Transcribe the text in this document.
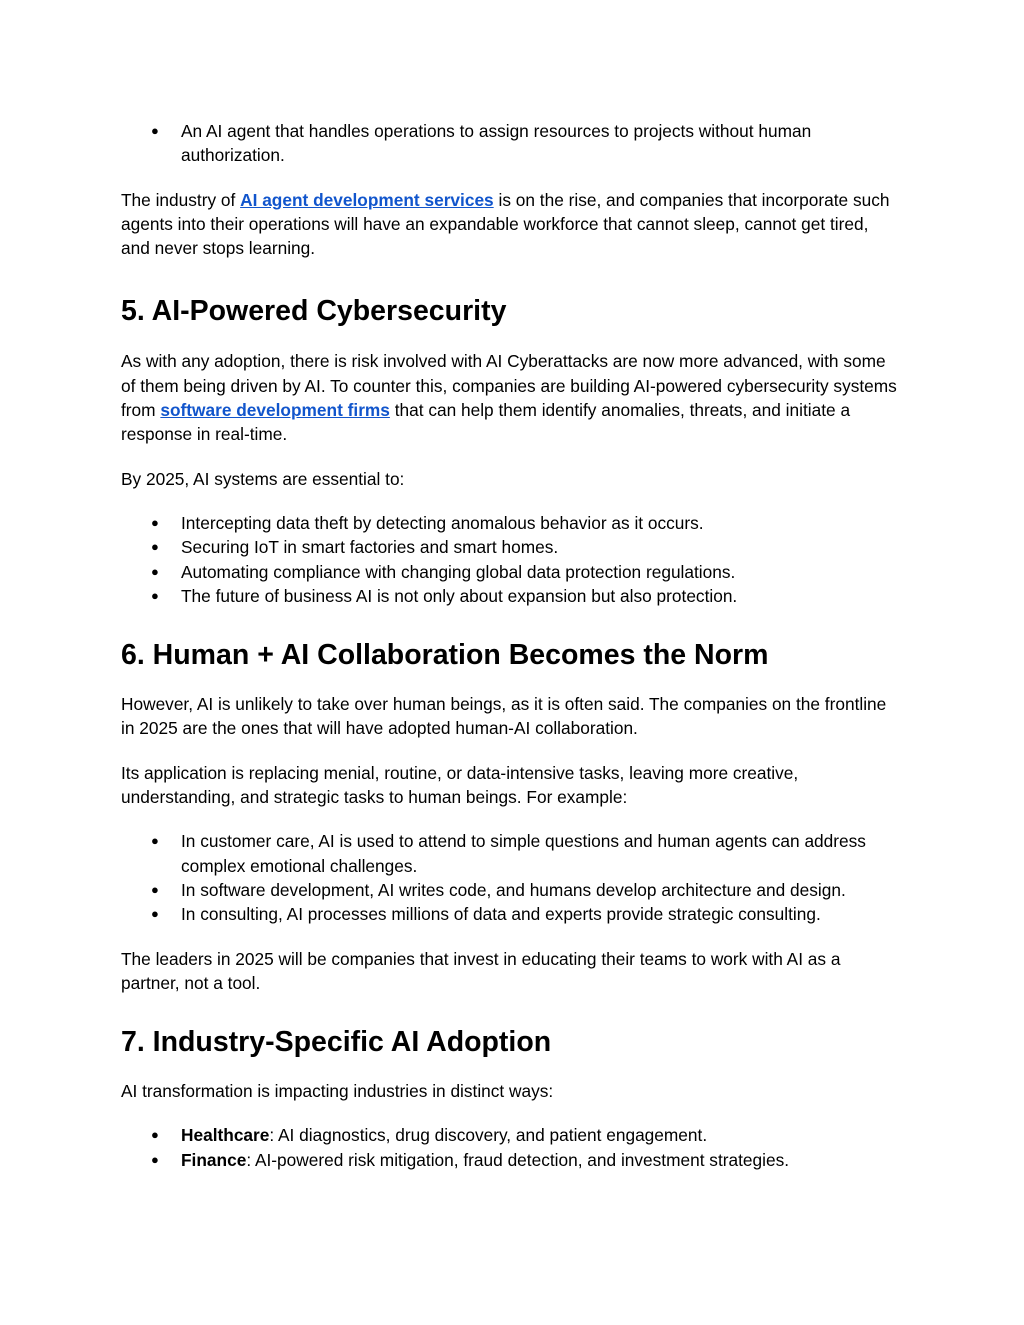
● An AI agent that handles operations to assign resources to projects without human authorization.

The industry of AI agent development services is on the rise, and companies that incorporate such agents into their operations will have an expandable workforce that cannot sleep, cannot get tired, and never stops learning.

5. AI-Powered Cybersecurity

As with any adoption, there is risk involved with AI Cyberattacks are now more advanced, with some of them being driven by AI. To counter this, companies are building AI-powered cybersecurity systems from software development firms that can help them identify anomalies, threats, and initiate a response in real-time.

By 2025, AI systems are essential to:

● Intercepting data theft by detecting anomalous behavior as it occurs.
● Securing IoT in smart factories and smart homes.
● Automating compliance with changing global data protection regulations.
● The future of business AI is not only about expansion but also protection.
6. Human + AI Collaboration Becomes the Norm

However, AI is unlikely to take over human beings, as it is often said. The companies on the frontline in 2025 are the ones that will have adopted human-AI collaboration.

Its application is replacing menial, routine, or data-intensive tasks, leaving more creative, understanding, and strategic tasks to human beings. For example:

● In customer care, AI is used to attend to simple questions and human agents can address complex emotional challenges.
● In software development, AI writes code, and humans develop architecture and design.
● In consulting, AI processes millions of data and experts provide strategic consulting.

The leaders in 2025 will be companies that invest in educating their teams to work with AI as a partner, not a tool.

7. Industry-Specific AI Adoption

AI transformation is impacting industries in distinct ways:

● Healthcare: AI diagnostics, drug discovery, and patient engagement.
● Finance: AI-powered risk mitigation, fraud detection, and investment strategies.
